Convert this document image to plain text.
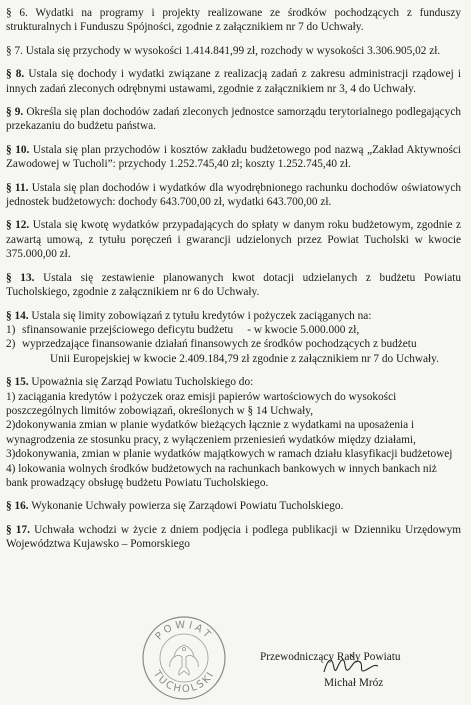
§ 6. Wydatki na programy i projekty realizowane ze środków pochodzących z funduszy strukturalnych i Funduszu Spójności, zgodnie z załącznikiem nr 7 do Uchwały.
§ 7. Ustala się przychody w wysokości 1.414.841,99 zł, rozchody w wysokości 3.306.905,02 zł.
§ 8. Ustala się dochody i wydatki związane z realizacją zadań z zakresu administracji rządowej i innych zadań zleconych odrębnymi ustawami, zgodnie z załącznikiem nr 3, 4 do Uchwały.
§ 9. Określa się plan dochodów zadań zleconych jednostce samorządu terytorialnego podlegających przekazaniu do budżetu państwa.
§ 10. Ustala się plan przychodów i kosztów zakładu budżetowego pod nazwą „Zakład Aktywności Zawodowej w Tucholi”: przychody 1.252.745,40 zł; koszty 1.252.745,40 zł.
§ 11. Ustala się plan dochodów i wydatków dla wyodrębnionego rachunku dochodów oświatowych jednostek budżetowych: dochody 643.700,00 zł, wydatki 643.700,00 zł.
§ 12. Ustala się kwotę wydatków przypadających do spłaty w danym roku budżetowym, zgodnie z zawartą umową, z tytułu poręczeń i gwarancji udzielonych przez Powiat Tucholski w kwocie 375.000,00 zł.
§ 13. Ustala się zestawienie planowanych kwot dotacji udzielanych z budżetu Powiatu Tucholskiego, zgodnie z załącznikiem nr 6 do Uchwały.

§ 14. Ustala się limity zobowiązań z tytułu kredytów i pożyczek zaciąganych na:

1) sfinansowanie przejściowego deficytu budżetu     - w kwocie 5.000.000 zł,
2) wyprzedzające finansowanie działań finansowych ze środków pochodzących z budżetu

Unii Europejskiej w kwocie 2.409.184,79 zł zgodnie z załącznikiem nr 7 do Uchwały.

§ 15. Upoważnia się Zarząd Powiatu Tucholskiego do:

1) zaciągania kredytów i pożyczek oraz emisji papierów wartościowych do wysokości poszczególnych limitów zobowiązań, określonych w § 14 Uchwały,

2)dokonywania zmian w planie wydatków bieżących łącznie z wydatkami na uposażenia i wynagrodzenia ze stosunku pracy, z wyłączeniem przeniesień wydatków między działami,

3)dokonywania, zmian w planie wydatków majątkowych w ramach działu klasyfikacji budżetowej

4) lokowania wolnych środków budżetowych na rachunkach bankowych w innych bankach niż bank prowadzący obsługę budżetu Powiatu Tucholskiego.

§ 16. Wykonanie Uchwały powierza się Zarządowi Powiatu Tucholskiego.
§ 17. Uchwała wchodzi w życie z dniem podjęcia i podlega publikacji w Dzienniku Urzędowym Województwa Kujawsko – Pomorskiego
POWIAT
TUCHOLSKI
Przewodniczący Rady Powiatu
Michał Mróz
